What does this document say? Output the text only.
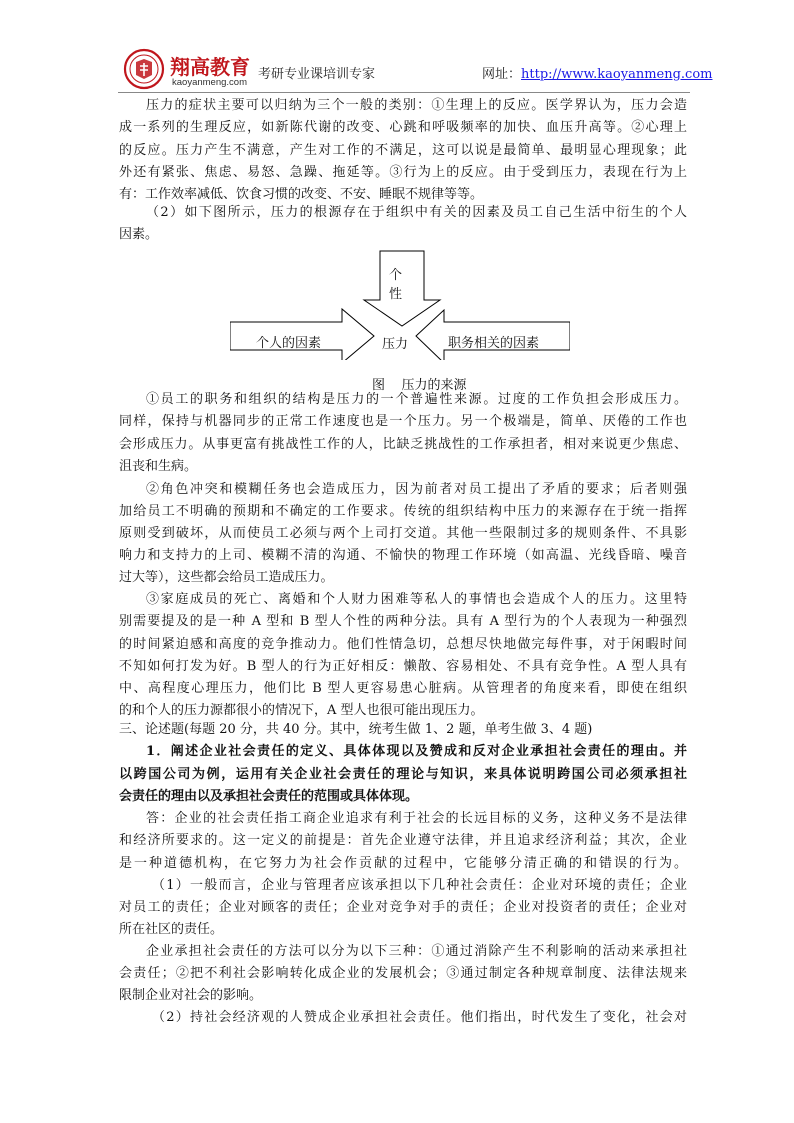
翔高教育
kaoyanmeng.com
考研专业课培训专家	网址：http://www.kaoyanmeng.com
压力的症状主要可以归纳为三个一般的类别：①生理上的反应。医学界认为，压力会造
成一系列的生理反应，如新陈代谢的改变、心跳和呼吸频率的加快、血压升高等。②心理上
的反应。压力产生不满意，产生对工作的不满足，这可以说是最简单、最明显心理现象；此
外还有紧张、焦虑、易怒、急躁、拖延等。③行为上的反应。由于受到压力，表现在行为上
有：工作效率减低、饮食习惯的改变、不安、睡眠不规律等等。
（2）如下图所示，压力的根源存在于组织中有关的因素及员工自己生活中衍生的个人
因素。
个
性
个人的因素	压力	职务相关的因素
图    压力的来源
①员工的职务和组织的结构是压力的一个普遍性来源。过度的工作负担会形成压力。
同样，保持与机器同步的正常工作速度也是一个压力。另一个极端是，简单、厌倦的工作也
会形成压力。从事更富有挑战性工作的人，比缺乏挑战性的工作承担者，相对来说更少焦虑、
沮丧和生病。
②角色冲突和模糊任务也会造成压力，因为前者对员工提出了矛盾的要求；后者则强
加给员工不明确的预期和不确定的工作要求。传统的组织结构中压力的来源存在于统一指挥
原则受到破坏，从而使员工必须与两个上司打交道。其他一些限制过多的规则条件、不具影
响力和支持力的上司、模糊不清的沟通、不愉快的物理工作环境（如高温、光线昏暗、噪音
过大等），这些都会给员工造成压力。
③家庭成员的死亡、离婚和个人财力困难等私人的事情也会造成个人的压力。这里特
别需要提及的是一种 A 型和 B 型人个性的两种分法。具有 A 型行为的个人表现为一种强烈
的时间紧迫感和高度的竞争推动力。他们性情急切，总想尽快地做完每件事，对于闲暇时间
不知如何打发为好。B 型人的行为正好相反：懒散、容易相处、不具有竞争性。A 型人具有
中、高程度心理压力，他们比 B 型人更容易患心脏病。从管理者的角度来看，即使在组织
的和个人的压力源都很小的情况下，A 型人也很可能出现压力。
三、论述题(每题 20 分，共 40 分。其中，统考生做 1、2 题，单考生做 3、4 题)
1．阐述企业社会责任的定义、具体体现以及赞成和反对企业承担社会责任的理由。并
以跨国公司为例，运用有关企业社会责任的理论与知识，来具体说明跨国公司必须承担社
会责任的理由以及承担社会责任的范围或具体体现。
答：企业的社会责任指工商企业追求有利于社会的长远目标的义务，这种义务不是法律
和经济所要求的。这一定义的前提是：首先企业遵守法律，并且追求经济利益；其次，企业
是一种道德机构，在它努力为社会作贡献的过程中，它能够分清正确的和错误的行为。
（1）一般而言，企业与管理者应该承担以下几种社会责任：企业对环境的责任；企业
对员工的责任；企业对顾客的责任；企业对竞争对手的责任；企业对投资者的责任；企业对
所在社区的责任。
企业承担社会责任的方法可以分为以下三种：①通过消除产生不利影响的活动来承担社
会责任；②把不利社会影响转化成企业的发展机会；③通过制定各种规章制度、法律法规来
限制企业对社会的影响。
（2）持社会经济观的人赞成企业承担社会责任。他们指出，时代发生了变化，社会对
